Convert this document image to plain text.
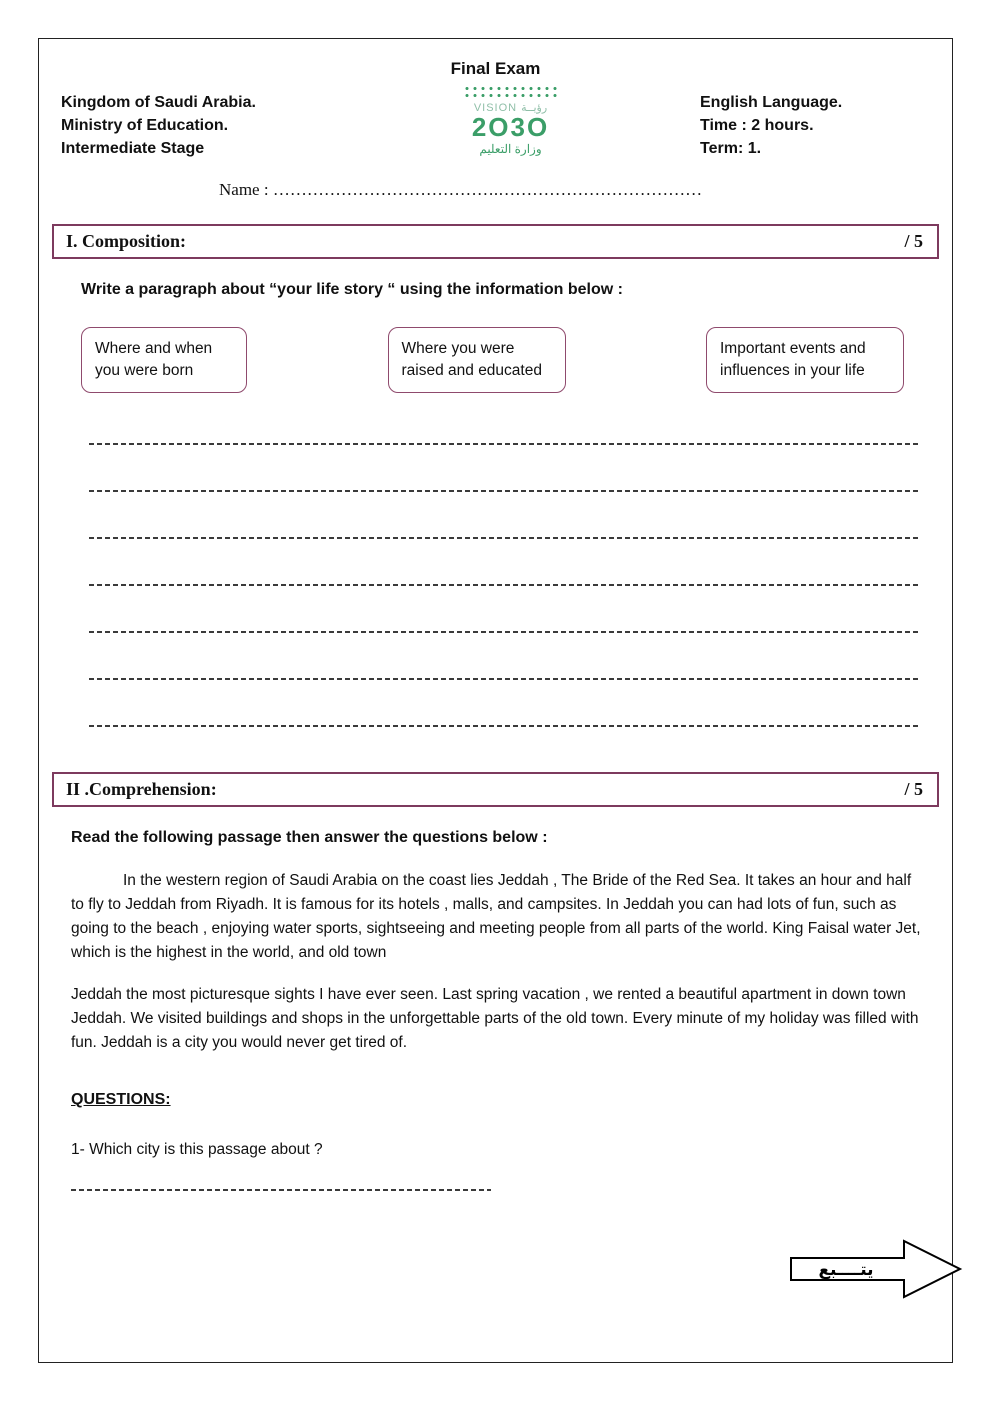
Final Exam
Kingdom of Saudi Arabia.
Ministry of Education.
Intermediate Stage
VISION رؤيــة
2O3O
وزارة التعليم
English Language.
Time : 2 hours.
Term: 1.
Name : ………………………………….………………………………
I. Composition:	/ 5
Write a paragraph about “your life story “ using the information below :
Where and when you were born
Where you were raised and educated
Important events and influences in your life
II .Comprehension:	/ 5
Read the following passage then answer the questions below :

In the western region of Saudi Arabia on the coast lies Jeddah , The Bride of the Red Sea. It takes an hour and half to fly to Jeddah from Riyadh. It is famous for its hotels , malls, and campsites. In Jeddah you can had lots of fun, such as going to the beach , enjoying water sports, sightseeing and meeting people from all parts of the world. King Faisal water Jet, which is the highest in the world, and old town

Jeddah the most picturesque sights I have ever seen. Last spring vacation , we rented a beautiful apartment in down town Jeddah. We visited buildings and shops in the unforgettable parts of the old town. Every minute of my holiday was filled with fun. Jeddah is a city you would never get tired of.

QUESTIONS:
1- Which city is this passage about ?
يتــــبع
